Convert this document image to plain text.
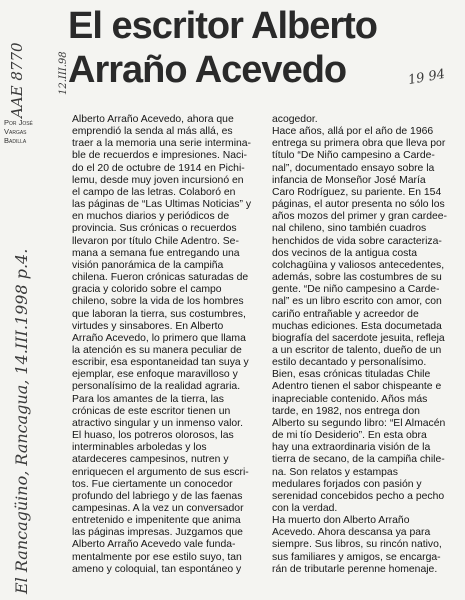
El escritor Alberto
Arraño Acevedo
Por José
Vargas
Badilla
AAE 8770	19 94
12.III.98
El Rancagüino, Rancagua, 14.III.1998 p.4.

Alberto Arraño Acevedo, ahora que
emprendió la senda al más allá, es
traer a la memoria una serie intermina-
ble de recuerdos e impresiones. Naci-
do el 20 de octubre de 1914 en Pichi-
lemu, desde muy joven incursionó en
el campo de las letras. Colaboró en
las páginas de “Las Ultimas Noticias” y
en muchos diarios y periódicos de
provincia. Sus crónicas o recuerdos
llevaron por título Chile Adentro. Se-
mana a semana fue entregando una
visión panorámica de la campiña
chilena. Fueron crónicas saturadas de
gracia y colorido sobre el campo
chileno, sobre la vida de los hombres
que laboran la tierra, sus costumbres,
virtudes y sinsabores. En Alberto
Arraño Acevedo, lo primero que llama
la atención es su manera peculiar de
escribir, esa espontaneidad tan suya y
ejemplar, ese enfoque maravilloso y
personalísimo de la realidad agraria.
Para los amantes de la tierra, las
crónicas de este escritor tienen un
atractivo singular y un inmenso valor.
El huaso, los potreros olorosos, las
interminables arboledas y los
atardeceres campesinos, nutren y
enriquecen el argumento de sus escri-
tos. Fue ciertamente un conocedor
profundo del labriego y de las faenas
campesinas. A la vez un conversador
entretenido e impenitente que anima
las páginas impresas. Juzgamos que
Alberto Arraño Acevedo vale funda-
mentalmente por ese estilo suyo, tan
ameno y coloquial, tan espontáneo y

acogedor.
Hace años, allá por el año de 1966
entrega su primera obra que lleva por
título “De Niño campesino a Carde-
nal”, documentado ensayo sobre la
infancia de Monseñor José María
Caro Rodríguez, su pariente. En 154
páginas, el autor presenta no sólo los
años mozos del primer y gran cardee-
nal chileno, sino también cuadros
henchidos de vida sobre caracteriza-
dos vecinos de la antigua costa
colchagüina y valiosos antecedentes,
además, sobre las costumbres de su
gente. “De niño campesino a Carde-
nal” es un libro escrito con amor, con
cariño entrañable y acreedor de
muchas ediciones. Esta documetada
biografía del sacerdote jesuita, refleja
a un escritor de talento, dueño de un
estilo decantado y personalísimo.
Bien, esas crónicas tituladas Chile
Adentro tienen el sabor chispeante e
inapreciable contenido. Años más
tarde, en 1982, nos entrega don
Alberto su segundo libro: “El Almacén
de mi tío Desiderio”. En esta obra
hay una extraordinaria visión de la
tierra de secano, de la campiña chile-
na. Son relatos y estampas
medulares forjados con pasión y
serenidad concebidos pecho a pecho
con la verdad.
Ha muerto don Alberto Arraño
Acevedo. Ahora descansa ya para
siempre. Sus libros, su rincón nativo,
sus familiares y amigos, se encarga-
rán de tributarle perenne homenaje.
